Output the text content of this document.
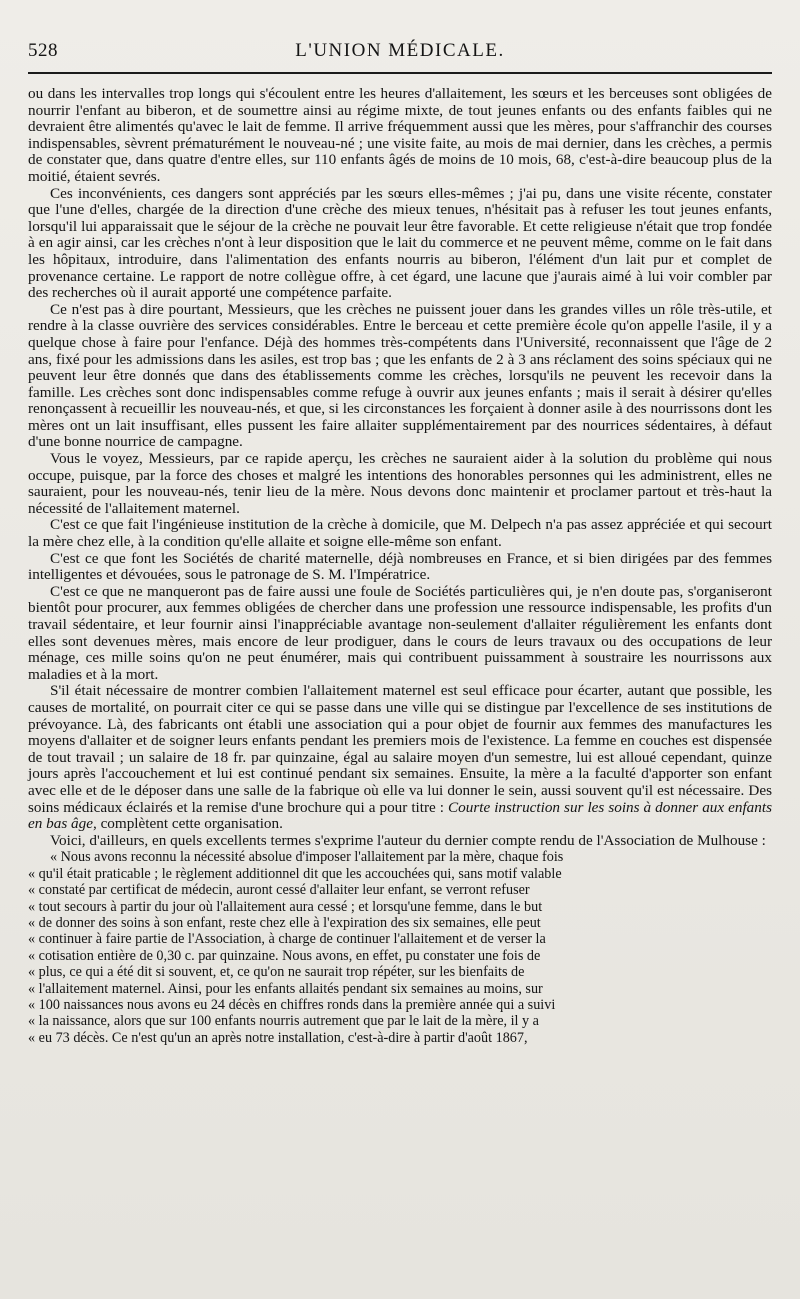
528	L'UNION MÉDICALE.

ou dans les intervalles trop longs qui s'écoulent entre les heures d'allaitement, les sœurs et les berceuses sont obligées de nourrir l'enfant au biberon, et de soumettre ainsi au régime mixte, de tout jeunes enfants ou des enfants faibles qui ne devraient être alimentés qu'avec le lait de femme. Il arrive fréquemment aussi que les mères, pour s'affranchir des courses indispensables, sèvrent prématurément le nouveau-né ; une visite faite, au mois de mai dernier, dans les crèches, a permis de constater que, dans quatre d'entre elles, sur 110 enfants âgés de moins de 10 mois, 68, c'est-à-dire beaucoup plus de la moitié, étaient sevrés.

Ces inconvénients, ces dangers sont appréciés par les sœurs elles-mêmes ; j'ai pu, dans une visite récente, constater que l'une d'elles, chargée de la direction d'une crèche des mieux tenues, n'hésitait pas à refuser les tout jeunes enfants, lorsqu'il lui apparaissait que le séjour de la crèche ne pouvait leur être favorable. Et cette religieuse n'était que trop fondée à en agir ainsi, car les crèches n'ont à leur disposition que le lait du commerce et ne peuvent même, comme on le fait dans les hôpitaux, introduire, dans l'alimentation des enfants nourris au biberon, l'élément d'un lait pur et complet de provenance certaine. Le rapport de notre collègue offre, à cet égard, une lacune que j'aurais aimé à lui voir combler par des recherches où il aurait apporté une compétence parfaite.

Ce n'est pas à dire pourtant, Messieurs, que les crèches ne puissent jouer dans les grandes villes un rôle très-utile, et rendre à la classe ouvrière des services considérables. Entre le berceau et cette première école qu'on appelle l'asile, il y a quelque chose à faire pour l'enfance. Déjà des hommes très-compétents dans l'Université, reconnaissent que l'âge de 2 ans, fixé pour les admissions dans les asiles, est trop bas ; que les enfants de 2 à 3 ans réclament des soins spéciaux qui ne peuvent leur être donnés que dans des établissements comme les crèches, lorsqu'ils ne peuvent les recevoir dans la famille. Les crèches sont donc indispensables comme refuge à ouvrir aux jeunes enfants ; mais il serait à désirer qu'elles renonçassent à recueillir les nouveau-nés, et que, si les circonstances les forçaient à donner asile à des nourrissons dont les mères ont un lait insuffisant, elles pussent les faire allaiter supplémentairement par des nourrices sédentaires, à défaut d'une bonne nourrice de campagne.

Vous le voyez, Messieurs, par ce rapide aperçu, les crèches ne sauraient aider à la solution du problème qui nous occupe, puisque, par la force des choses et malgré les intentions des honorables personnes qui les administrent, elles ne sauraient, pour les nouveau-nés, tenir lieu de la mère. Nous devons donc maintenir et proclamer partout et très-haut la nécessité de l'allaitement maternel.

C'est ce que fait l'ingénieuse institution de la crèche à domicile, que M. Delpech n'a pas assez appréciée et qui secourt la mère chez elle, à la condition qu'elle allaite et soigne elle-même son enfant.

C'est ce que font les Sociétés de charité maternelle, déjà nombreuses en France, et si bien dirigées par des femmes intelligentes et dévouées, sous le patronage de S. M. l'Impératrice.

C'est ce que ne manqueront pas de faire aussi une foule de Sociétés particulières qui, je n'en doute pas, s'organiseront bientôt pour procurer, aux femmes obligées de chercher dans une profession une ressource indispensable, les profits d'un travail sédentaire, et leur fournir ainsi l'inappréciable avantage non-seulement d'allaiter régulièrement les enfants dont elles sont devenues mères, mais encore de leur prodiguer, dans le cours de leurs travaux ou des occupations de leur ménage, ces mille soins qu'on ne peut énumérer, mais qui contribuent puissamment à soustraire les nourrissons aux maladies et à la mort.

S'il était nécessaire de montrer combien l'allaitement maternel est seul efficace pour écarter, autant que possible, les causes de mortalité, on pourrait citer ce qui se passe dans une ville qui se distingue par l'excellence de ses institutions de prévoyance. Là, des fabricants ont établi une association qui a pour objet de fournir aux femmes des manufactures les moyens d'allaiter et de soigner leurs enfants pendant les premiers mois de l'existence. La femme en couches est dispensée de tout travail ; un salaire de 18 fr. par quinzaine, égal au salaire moyen d'un semestre, lui est alloué cependant, quinze jours après l'accouchement et lui est continué pendant six semaines. Ensuite, la mère a la faculté d'apporter son enfant avec elle et de le déposer dans une salle de la fabrique où elle va lui donner le sein, aussi souvent qu'il est nécessaire. Des soins médicaux éclairés et la remise d'une brochure qui a pour titre : Courte instruction sur les soins à donner aux enfants en bas âge, complètent cette organisation.

Voici, d'ailleurs, en quels excellents termes s'exprime l'auteur du dernier compte rendu de l'Association de Mulhouse :

« Nous avons reconnu la nécessité absolue d'imposer l'allaitement par la mère, chaque fois
« qu'il était praticable ; le règlement additionnel dit que les accouchées qui, sans motif valable
« constaté par certificat de médecin, auront cessé d'allaiter leur enfant, se verront refuser
« tout secours à partir du jour où l'allaitement aura cessé ; et lorsqu'une femme, dans le but
« de donner des soins à son enfant, reste chez elle à l'expiration des six semaines, elle peut
« continuer à faire partie de l'Association, à charge de continuer l'allaitement et de verser la
« cotisation entière de 0,30 c. par quinzaine. Nous avons, en effet, pu constater une fois de
« plus, ce qui a été dit si souvent, et, ce qu'on ne saurait trop répéter, sur les bienfaits de
« l'allaitement maternel. Ainsi, pour les enfants allaités pendant six semaines au moins, sur
« 100 naissances nous avons eu 24 décès en chiffres ronds dans la première année qui a suivi
« la naissance, alors que sur 100 enfants nourris autrement que par le lait de la mère, il y a
« eu 73 décès. Ce n'est qu'un an après notre installation, c'est-à-dire à partir d'août 1867,
